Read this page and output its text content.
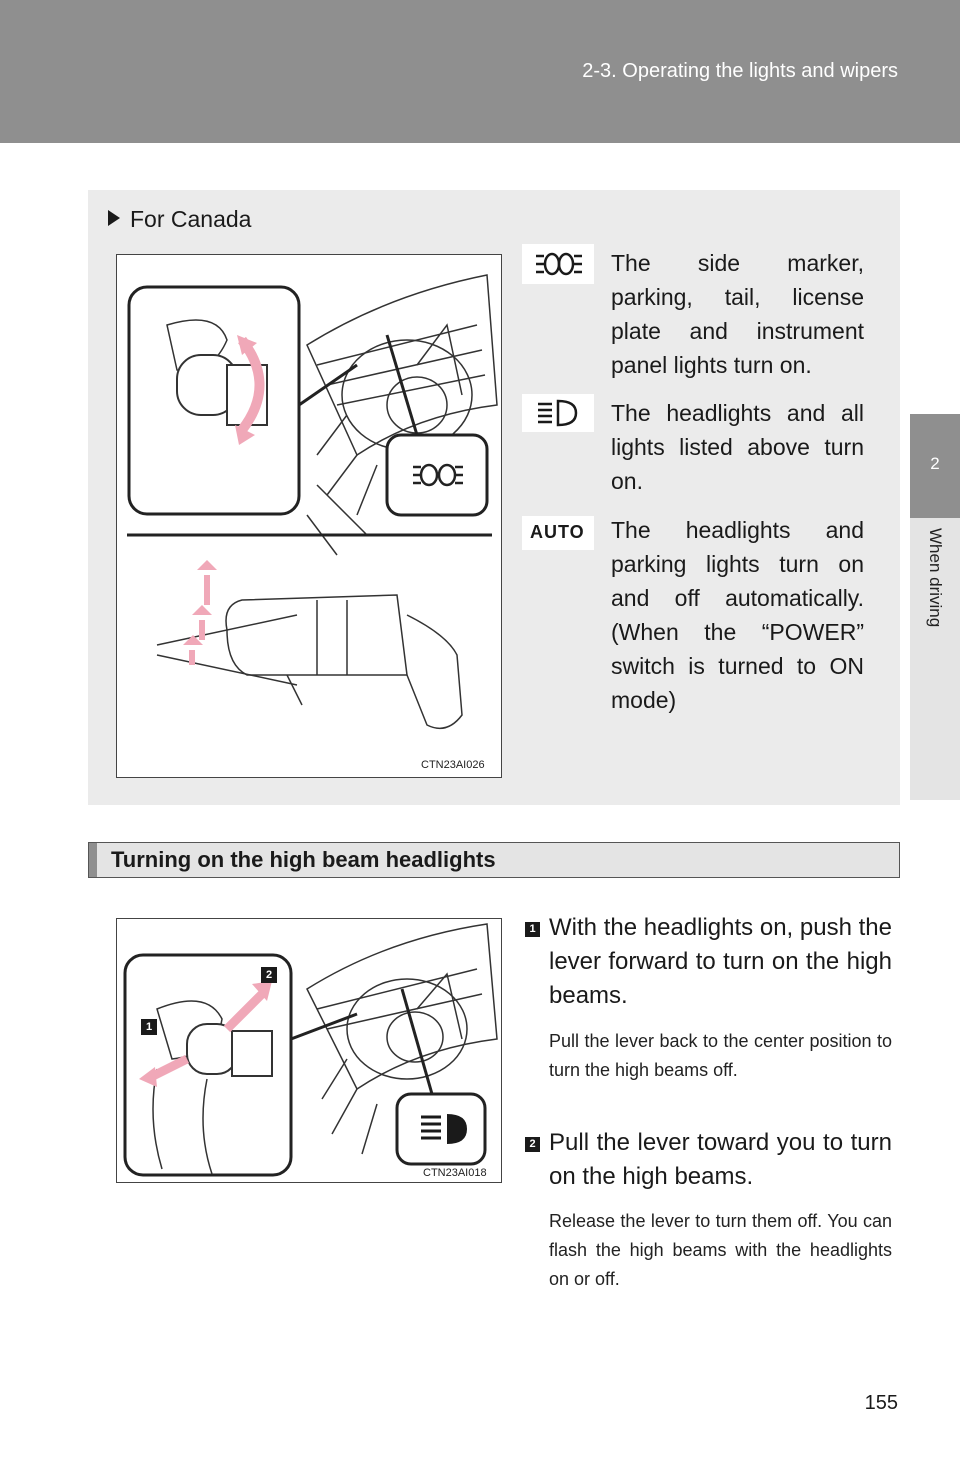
2-3. Operating the lights and wipers
2
When driving
For Canada
CTN23AI026
The side marker, parking, tail, license plate and instrument panel lights turn on.
The headlights and all lights listed above turn on.
AUTO The headlights and parking lights turn on and off automatically. (When the “POWER” switch is turned to ON mode)
Turning on the high beam headlights
CTN23AI018
2
1
1 With the headlights on, push the lever forward to turn on the high beams.
Pull the lever back to the center position to turn the high beams off.
2 Pull the lever toward you to turn on the high beams.
Release the lever to turn them off. You can flash the high beams with the headlights on or off.
155
